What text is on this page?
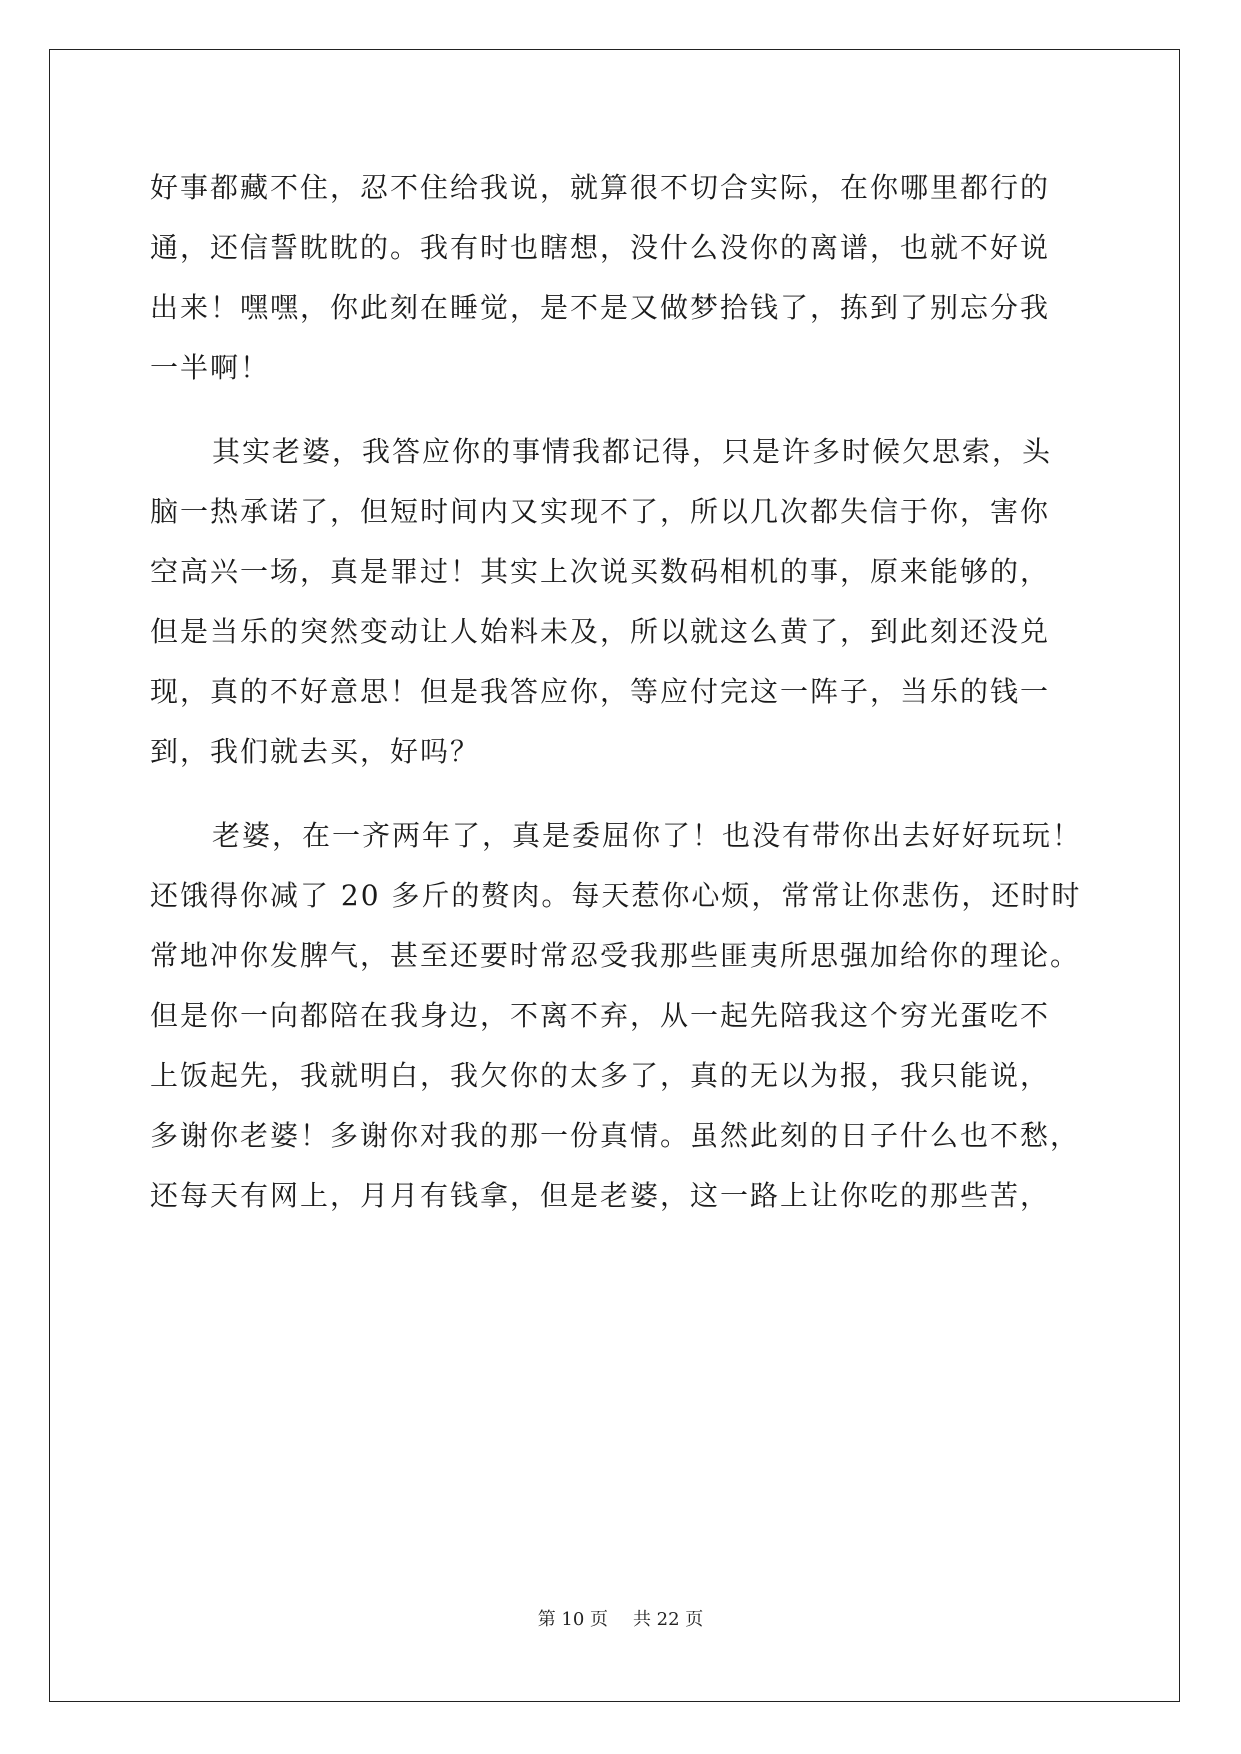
好事都藏不住，忍不住给我说，就算很不切合实际，在你哪里都行的
通，还信誓眈眈的。我有时也瞎想，没什么没你的离谱，也就不好说
出来！嘿嘿，你此刻在睡觉，是不是又做梦拾钱了，拣到了别忘分我
一半啊！
其实老婆，我答应你的事情我都记得，只是许多时候欠思索，头
脑一热承诺了，但短时间内又实现不了，所以几次都失信于你，害你
空高兴一场，真是罪过！其实上次说买数码相机的事，原来能够的，
但是当乐的突然变动让人始料未及，所以就这么黄了，到此刻还没兑
现，真的不好意思！但是我答应你，等应付完这一阵子，当乐的钱一
到，我们就去买，好吗？
老婆，在一齐两年了，真是委屈你了！也没有带你出去好好玩玩！
还饿得你减了 20 多斤的赘肉。每天惹你心烦，常常让你悲伤，还时时
常地冲你发脾气，甚至还要时常忍受我那些匪夷所思强加给你的理论。
但是你一向都陪在我身边，不离不弃，从一起先陪我这个穷光蛋吃不
上饭起先，我就明白，我欠你的太多了，真的无以为报，我只能说，
多谢你老婆！多谢你对我的那一份真情。虽然此刻的日子什么也不愁，
还每天有网上，月月有钱拿，但是老婆，这一路上让你吃的那些苦，
第 10 页 共 22 页
